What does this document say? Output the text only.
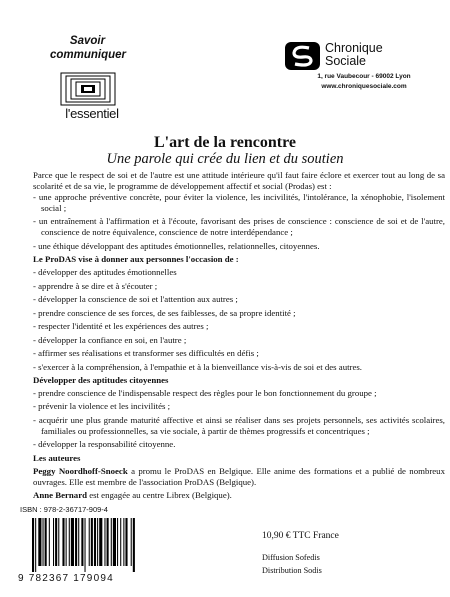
Savoir
communiquer
l'essentiel
Chronique
Sociale
1, rue Vaubecour - 69002 Lyon
www.chroniquesociale.com
L'art de la rencontre
Une parole qui crée du lien et du soutien

Parce que le respect de soi et de l'autre est une attitude intérieure qu'il faut faire éclore et exercer tout au long de sa scolarité et de sa vie, le programme de développement affectif et social (Prodas) est :

- une approche préventive concrète, pour éviter la violence, les incivilités, l'intolérance, la xénophobie, l'isolement social ;
- un entraînement à l'affirmation et à l'écoute, favorisant des prises de conscience : conscience de soi et de l'autre, conscience de notre équivalence, conscience de notre interdépendance ;
- une éthique développant des aptitudes émotionnelles, relationnelles, citoyennes.

Le ProDAS vise à donner aux personnes l'occasion de :

- développer des aptitudes émotionnelles
- apprendre à se dire et à s'écouter ;
- développer la conscience de soi et l'attention aux autres ;
- prendre conscience de ses forces, de ses faiblesses, de sa propre identité ;
- respecter l'identité et les expériences des autres ;
- développer la confiance en soi, en l'autre ;
- affirmer ses réalisations et transformer ses difficultés en défis ;
- s'exercer à la compréhension, à l'empathie et à la bienveillance vis-à-vis de soi et des autres.

Développer des aptitudes citoyennes

- prendre conscience de l'indispensable respect des règles pour le bon fonctionnement du groupe ;
- prévenir la violence et les incivilités ;
- acquérir une plus grande maturité affective et ainsi se réaliser dans ses projets personnels, ses activités scolaires, familiales ou professionnelles, sa vie sociale, à partir de thèmes progressifs et concentriques ;
- développer la responsabilité citoyenne.

Les auteures

Peggy Noordhoff-Snoeck a promu le ProDAS en Belgique. Elle anime des formations et a publié de nombreux ouvrages. Elle est membre de l'association ProDAS (Belgique).

Anne Bernard est engagée au centre Librex (Belgique).

ISBN : 978-2-36717-909-4
9 782367 179094
10,90 € TTC France
Diffusion Sofedis
Distribution Sodis
